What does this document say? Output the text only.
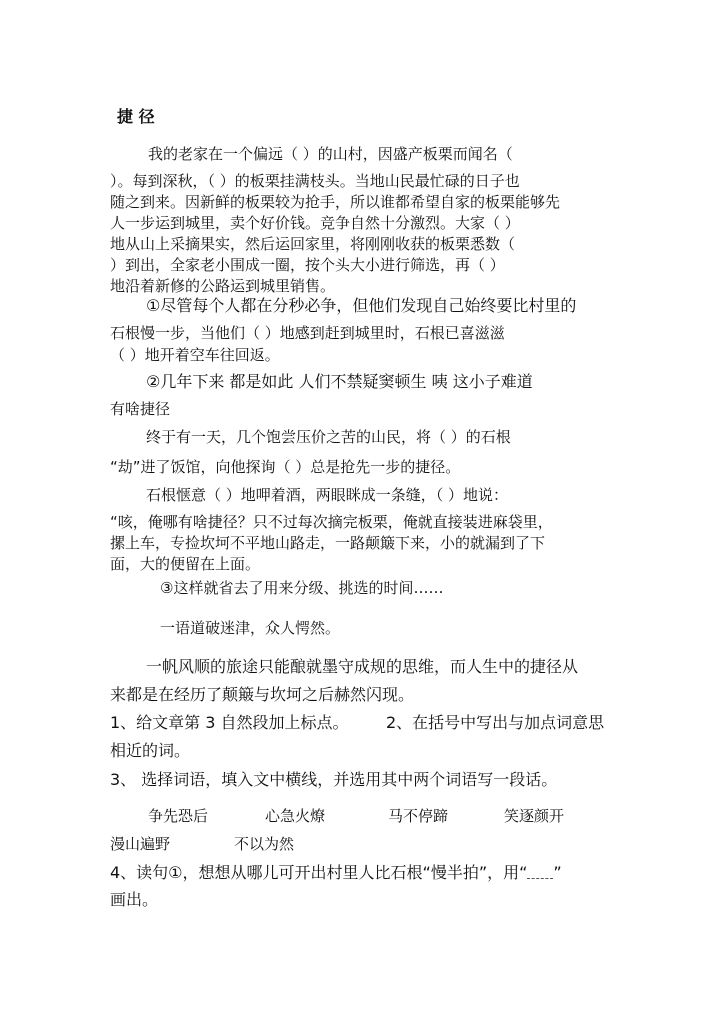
捷 径
我的老家在一个偏远（ ）的山村，因盛产板栗而闻名（
）。每到深秋，（ ）的板栗挂满枝头。当地山民最忙碌的日子也
随之到来。因新鲜的板栗较为抢手，所以谁都希望自家的板栗能够先
人一步运到城里，卖个好价钱。竞争自然十分激烈。大家（ ）
地从山上采摘果实，然后运回家里，将刚刚收获的板栗悉数（
）到出，全家老小围成一圈，按个头大小进行筛选，再（ ）
地沿着新修的公路运到城里销售。
①尽管每个人都在分秒必争，但他们发现自己始终要比村里的
石根慢一步，当他们（ ）地感到赶到城里时，石根已喜滋滋
（ ）地开着空车往回返。
②几年下来 都是如此 人们不禁疑窦顿生 咦 这小子难道
有啥捷径
终于有一天，几个饱尝压价之苦的山民，将（ ）的石根
“劫”进了饭馆，向他探询（ ）总是抢先一步的捷径。
石根惬意（ ）地呷着酒，两眼眯成一条缝，（ ）地说：
“咳，俺哪有啥捷径？只不过每次摘完板栗，俺就直接装进麻袋里，
摞上车，专捡坎坷不平地山路走，一路颠簸下来，小的就漏到了下
面，大的便留在上面。
③这样就省去了用来分级、挑选的时间……
一语道破迷津，众人愕然。
一帆风顺的旅途只能酿就墨守成规的思维，而人生中的捷径从
来都是在经历了颠簸与坎坷之后赫然闪现。
1、给文章第 3 自然段加上标点。 2、在括号中写出与加点词意思
相近的词。
3、 选择词语，填入文中横线，并选用其中两个词语写一段话。
争先恐后	心急火燎	马不停蹄	笑逐颜开
漫山遍野	不以为然
4、读句①，想想从哪儿可开出村里人比石根“慢半拍”，用“ ”
画出。
